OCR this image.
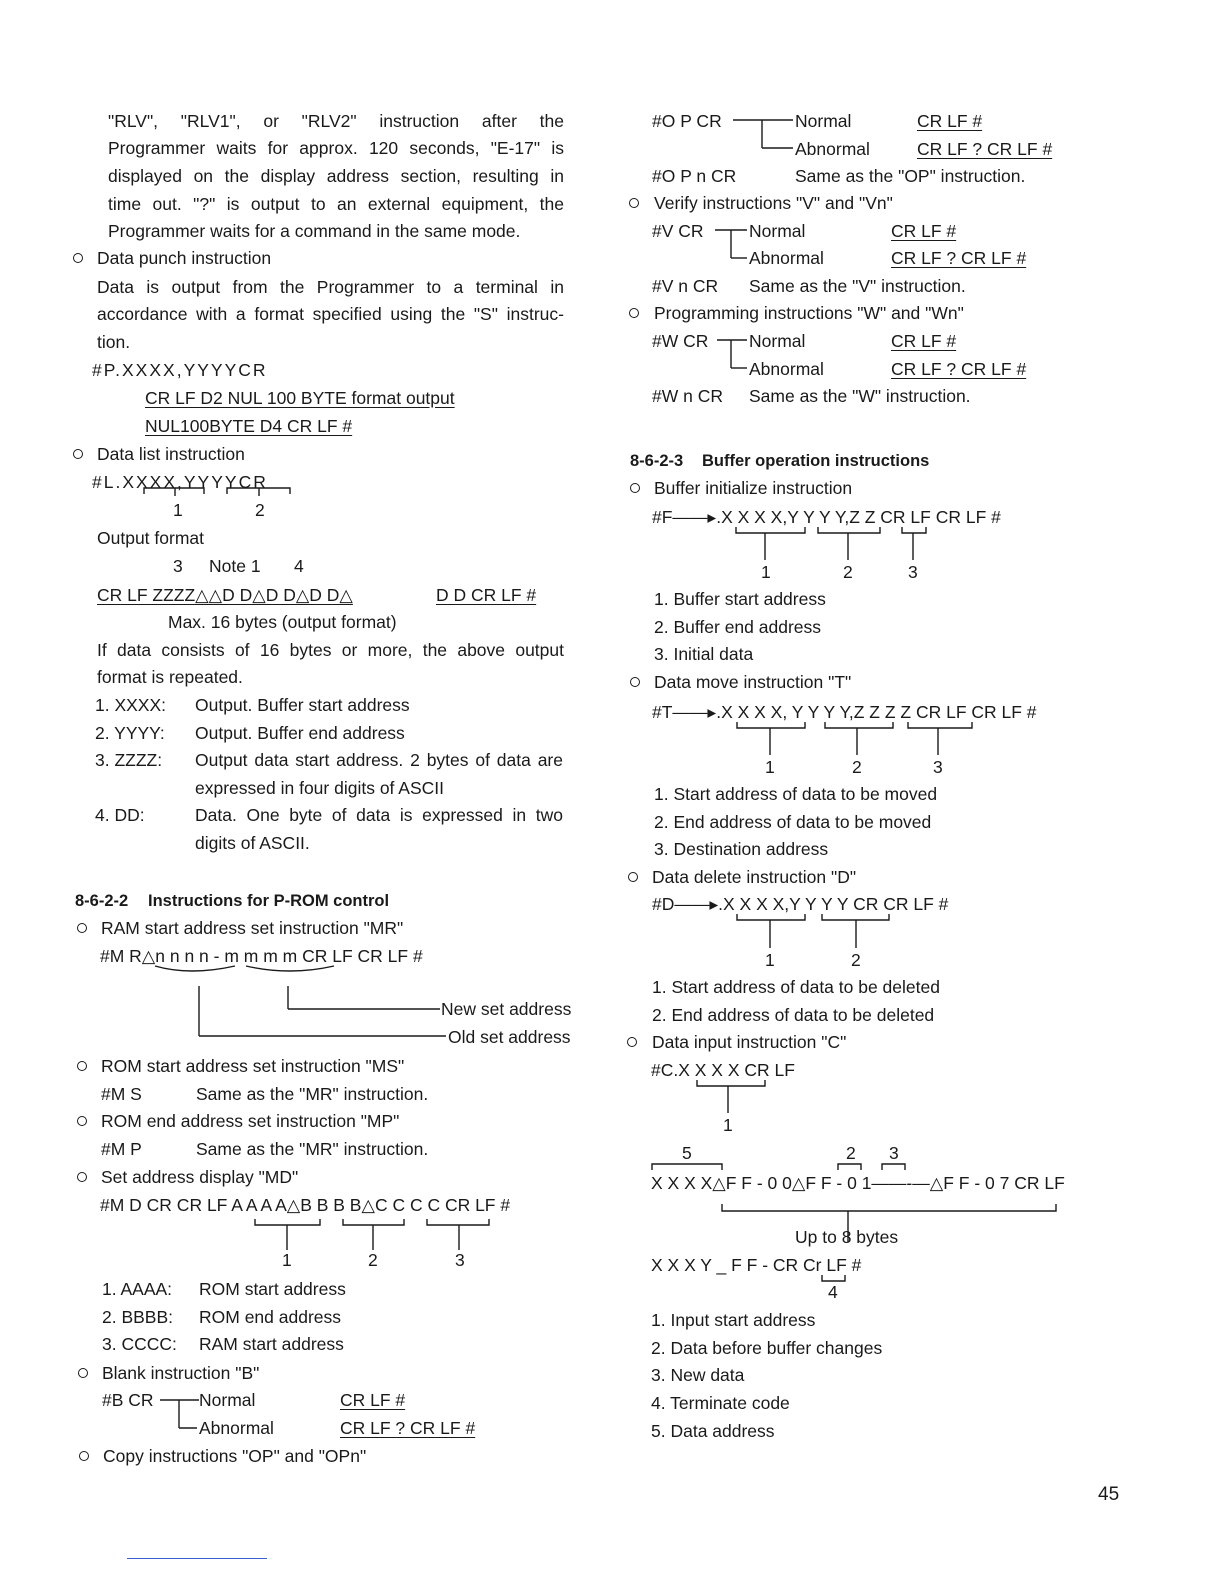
"RLV", "RLV1", or "RLV2" instruction after the
Programmer waits for approx. 120 seconds, "E-17" is
displayed on the display address section, resulting in
time out. "?" is output to an external equipment, the
Programmer waits for a command in the same mode.
Data punch instruction
Data is output from the Programmer to a terminal in
accordance with a format specified using the "S" instruc-
tion.
#P.XXXX,YYYYCR
CR LF D2 NUL 100 BYTE format output
NUL100BYTE D4 CR LF #
Data list instruction
#L.XXXX,YYYYCR
1	2
Output format
3 Note 1 4
CR LF ZZZZ△△D D△D D△D D△	D D CR LF #
Max. 16 bytes (output format)
If data consists of 16 bytes or more, the above output
format is repeated.
1. XXXX: Output. Buffer start address
2. YYYY: Output. Buffer end address
3. ZZZZ: Output data start address. 2 bytes of data are
expressed in four digits of ASCII
4. DD:	Data. One byte of data is expressed in two
digits of ASCII.
8-6-2-2 Instructions for P-ROM control
RAM start address set instruction "MR"
#M R△n n n n - m m m m CR LF CR LF #
New set address
Old set address
ROM start address set instruction "MS"
#M S	Same as the "MR" instruction.
ROM end address set instruction "MP"
#M P	Same as the "MR" instruction.
Set address display "MD"
#M D CR CR LF A A A A△B B B B△C C C C CR LF #
1	2	3
1. AAAA: ROM start address
2. BBBB: ROM end address
3. CCCC: RAM start address
Blank instruction "B"
#B CR	Normal	CR LF #
Abnormal	CR LF ? CR LF #
Copy instructions "OP" and "OPn"
#O P CR	Normal	CR LF #
Abnormal	CR LF ? CR LF #
#O P n CR	Same as the "OP" instruction.
Verify instructions "V" and "Vn"
#V CR	Normal	CR LF #
Abnormal	CR LF ? CR LF #
#V n CR Same as the "V" instruction.
Programming instructions "W" and "Wn"
#W CR Normal	CR LF #
Abnormal	CR LF ? CR LF #
#W n CR Same as the "W" instruction.
8-6-2-3 Buffer operation instructions
Buffer initialize instruction
#F——▸.X X X X,Y Y Y Y,Z Z CR LF CR LF #
1	2	3
1. Buffer start address
2. Buffer end address
3. Initial data
Data move instruction "T"
#T——▸.X X X X, Y Y Y Y,Z Z Z Z CR LF CR LF #
1	2	3
1. Start address of data to be moved
2. End address of data to be moved
3. Destination address
Data delete instruction "D"
#D——▸.X X X X,Y Y Y Y CR CR LF #
1	2
1. Start address of data to be deleted
2. End address of data to be deleted
Data input instruction "C"
#C.X X X X CR LF
1
5	2 3
X X X X△F F - 0 0△F F - 0 1——-—△F F - 0 7 CR LF
Up to 8 bytes
X X X Y _ F F - CR Cr LF #
4
1. Input start address
2. Data before buffer changes
3. New data
4. Terminate code
5. Data address
45
